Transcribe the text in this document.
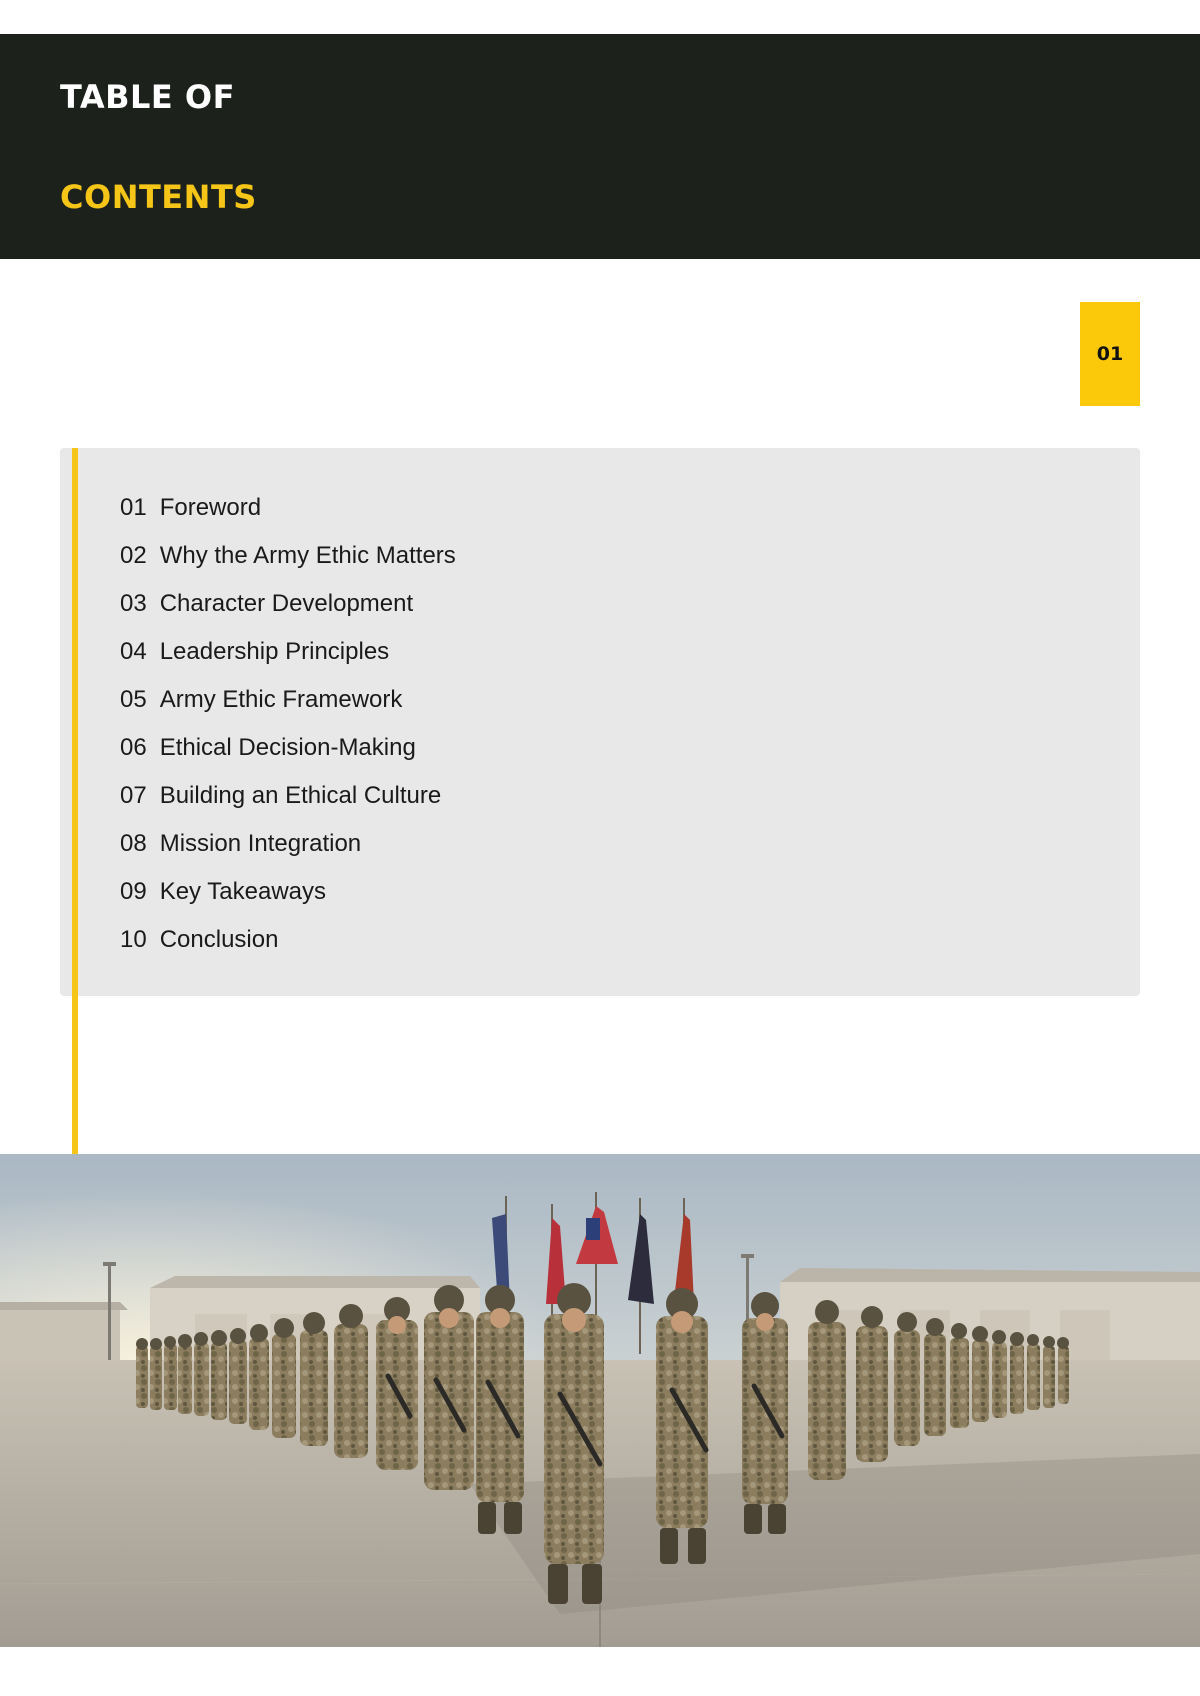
TABLE OF
CONTENTS
01
01 Foreword
02 Why the Army Ethic Matters
03 Character Development
04 Leadership Principles
05 Army Ethic Framework
06 Ethical Decision-Making
07 Building an Ethical Culture
08 Mission Integration
09 Key Takeaways
10 Conclusion
